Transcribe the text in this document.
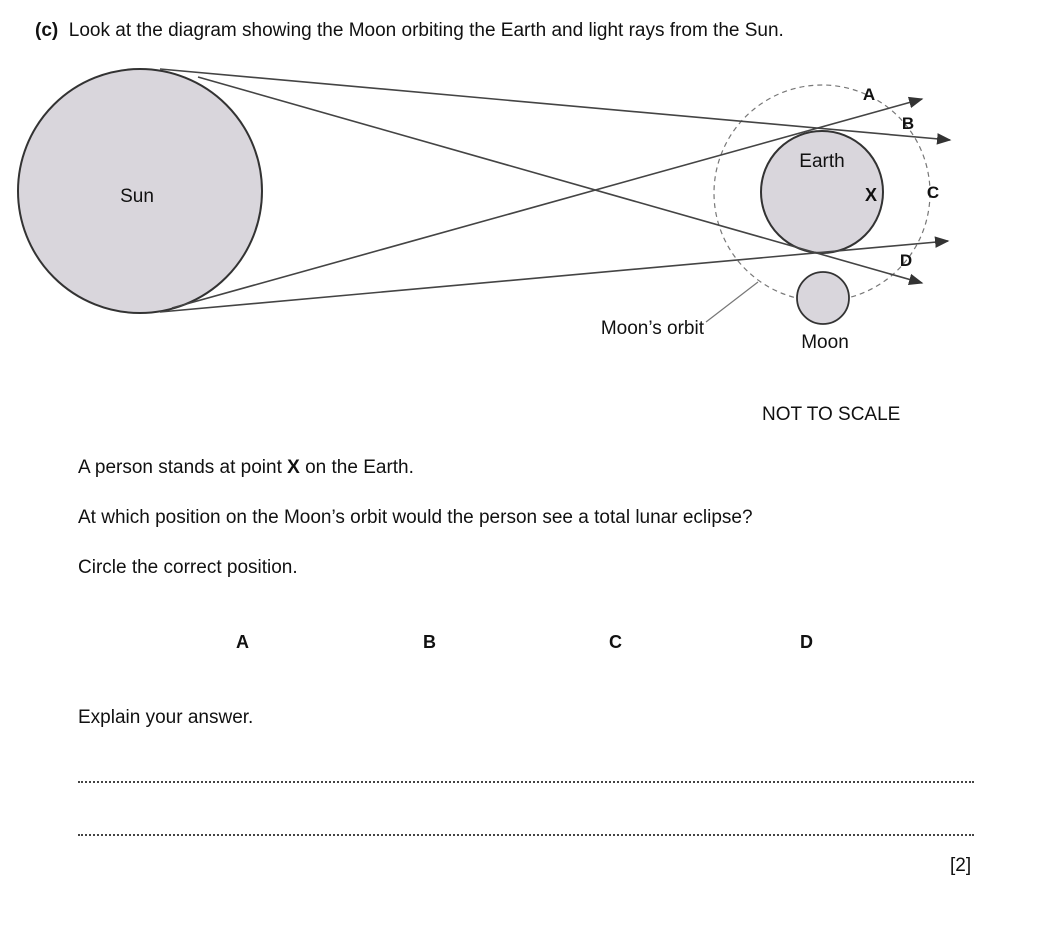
(c) Look at the diagram showing the Moon orbiting the Earth and light rays from the Sun.
Sun
Earth
Moon
Moon’s orbit
X
A
B
C
D
NOT TO SCALE
A person stands at point X on the Earth.
At which position on the Moon’s orbit would the person see a total lunar eclipse?
Circle the correct position.
A	B	C	D
Explain your answer.
[2]
